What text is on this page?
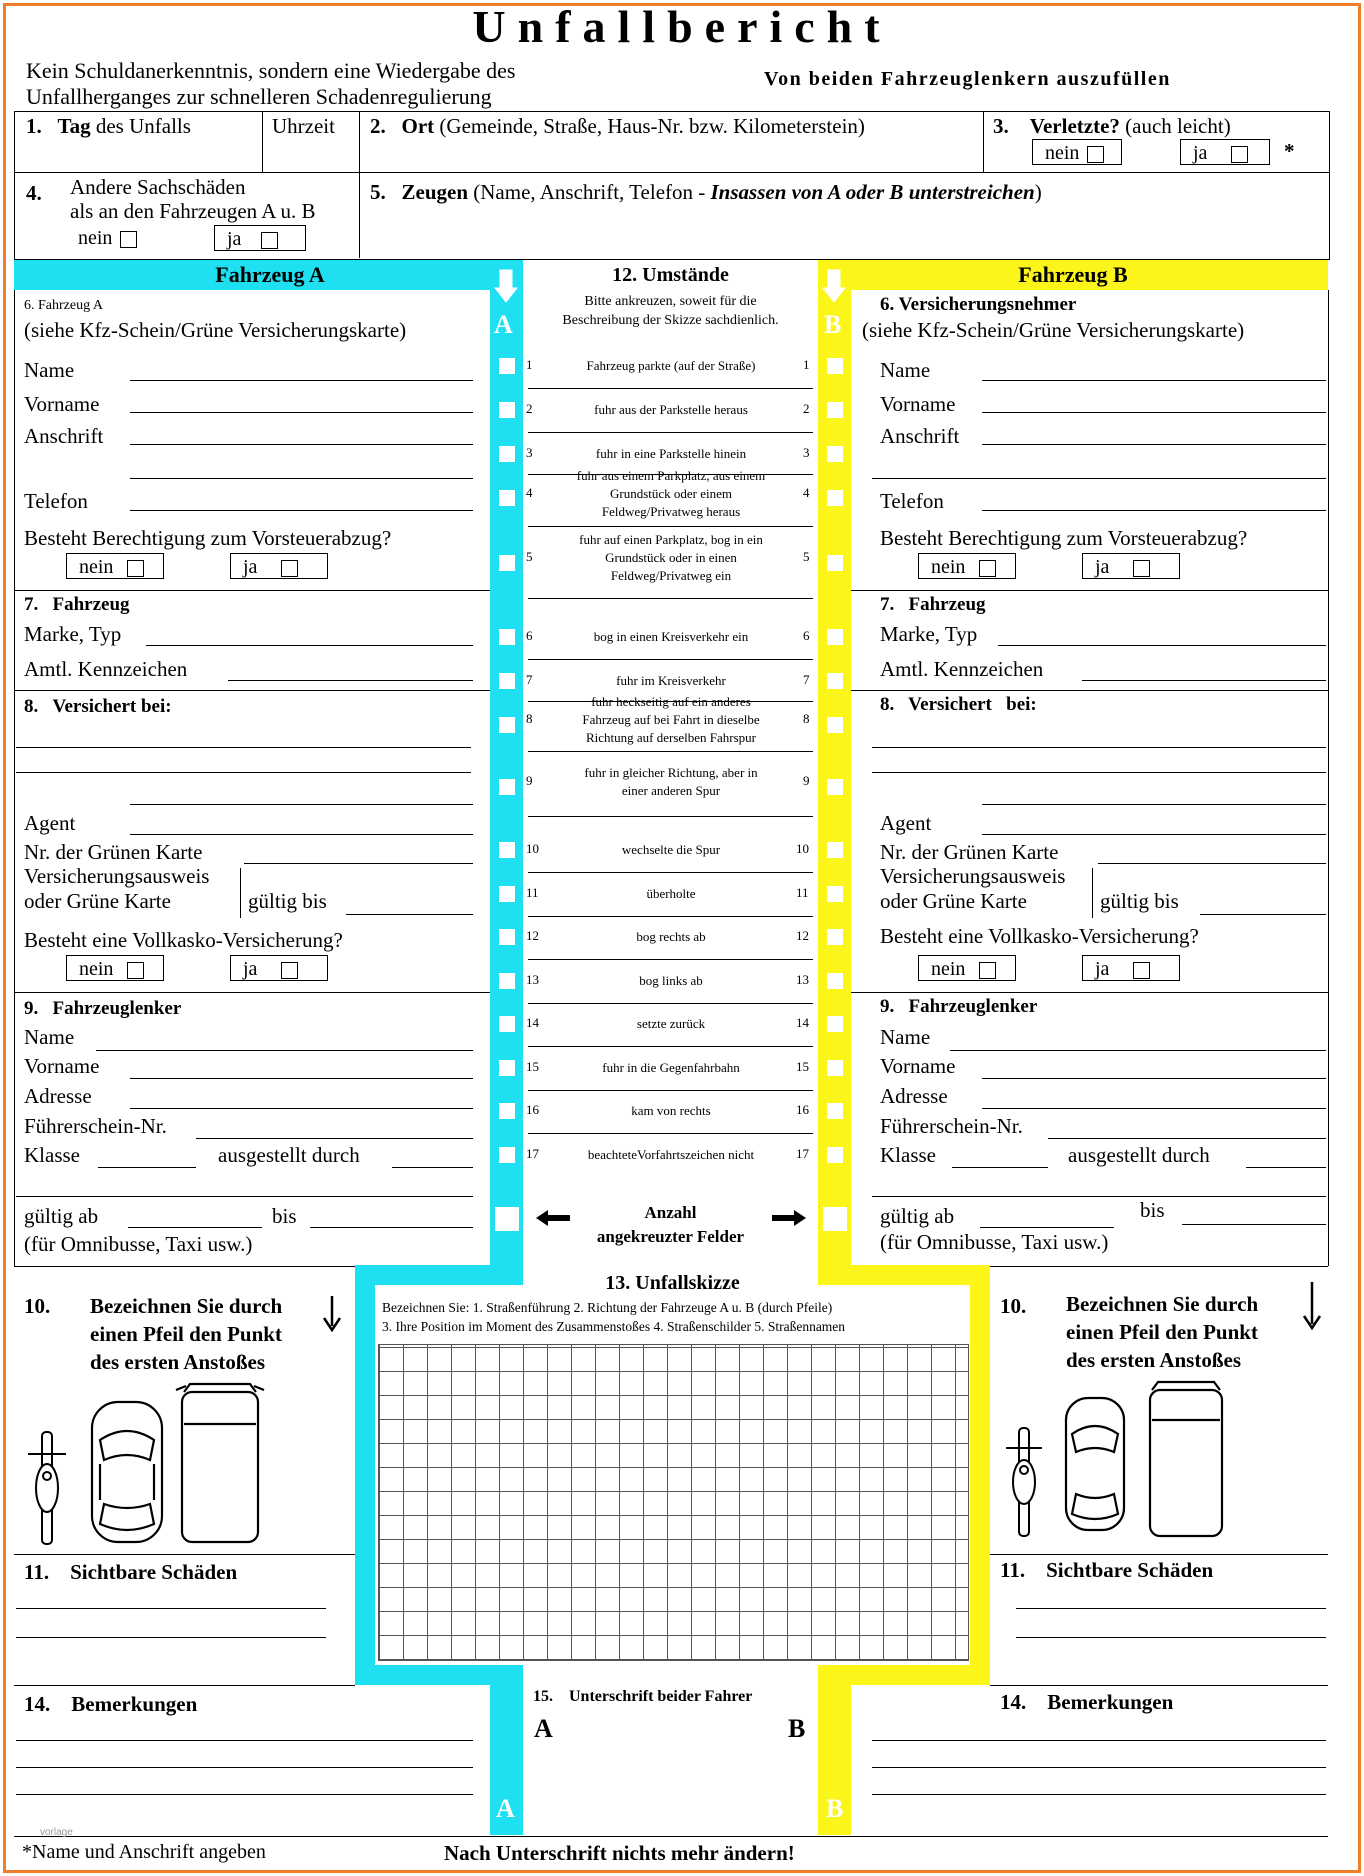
Unfallbericht
Kein Schuldanerkenntnis, sondern eine Wiedergabe des
Unfallherganges zur schnelleren Schadenregulierung
Von beiden Fahrzeuglenkern auszufüllen
1. Tag des Unfalls	Uhrzeit 2. Ort (Gemeinde, Straße, Haus-Nr. bzw. Kilometerstein)	3. Verletzte? (auch leicht)
nein	ja	*
4. Andere Sachschäden
als an den Fahrzeugen A u. B
nein	ja
5. Zeugen (Name, Anschrift, Telefon - Insassen von A oder B unterstreichen)
Fahrzeug A	Fahrzeug B
A	B
A	B
12. Umstände
Bitte ankreuzen, soweit für die
Beschreibung der Skizze sachdienlich.
Fahrzeug parkte (auf der Straße)
1	1
fuhr aus der Parkstelle heraus
2	2
fuhr in eine Parkstelle hinein
3	3
fuhr aus einem Parkplatz, aus einem
Grundstück oder einem
Feldweg/Privatweg heraus
4	4
fuhr auf einen Parkplatz, bog in ein
Grundstück oder in einen
Feldweg/Privatweg ein
5	5
bog in einen Kreisverkehr ein
6	6
fuhr im Kreisverkehr
7	7
fuhr heckseitig auf ein anderes
Fahrzeug auf bei Fahrt in dieselbe
Richtung auf derselben Fahrspur
8	8
fuhr in gleicher Richtung, aber in
einer anderen Spur
9	9
wechselte die Spur
10	10
überholte
11	11
bog rechts ab
12	12
bog links ab
13	13
setzte zurück
14	14
fuhr in die Gegenfahrbahn
15	15
kam von rechts
16	16
beachteteVorfahrtszeichen nicht
17	17
Anzahl
angekreuzter Felder
6. Fahrzeug A
(siehe Kfz-Schein/Grüne Versicherungskarte)
Name
Vorname
Anschrift
Telefon
Besteht Berechtigung zum Vorsteuerabzug?
nein	ja
7. Fahrzeug
Marke, Typ
Amtl. Kennzeichen
8. Versichert bei:
Agent
Nr. der Grünen Karte
Versicherungsausweis
oder Grüne Karte	gültig bis
Besteht eine Vollkasko-Versicherung?
nein	ja
9. Fahrzeuglenker
Name
Vorname
Adresse
Führerschein-Nr.
Klasse	ausgestellt durch
gültig ab	bis
(für Omnibusse, Taxi usw.)
10. Bezeichnen Sie durch
einen Pfeil den Punkt
des ersten Anstoßes
11. Sichtbare Schäden
14. Bemerkungen
6. Versicherungsnehmer
(siehe Kfz-Schein/Grüne Versicherungskarte)
Name
Vorname
Anschrift
Telefon
Besteht Berechtigung zum Vorsteuerabzug?
nein	ja
7. Fahrzeug
Marke, Typ
Amtl. Kennzeichen
8. Versichert   bei:
Agent
Nr. der Grünen Karte
Versicherungsausweis
oder Grüne Karte	gültig bis
Besteht eine Vollkasko-Versicherung?
nein	ja
9. Fahrzeuglenker
Name
Vorname
Adresse
Führerschein-Nr.
Klasse	ausgestellt durch
gültig ab	bis
(für Omnibusse, Taxi usw.)
10. Bezeichnen Sie durch
einen Pfeil den Punkt
des ersten Anstoßes
11. Sichtbare Schäden
14. Bemerkungen
13. Unfallskizze
Bezeichnen Sie: 1. Straßenführung 2. Richtung der Fahrzeuge A u. B (durch Pfeile)
3. Ihre Position im Moment des Zusammenstoßes 4. Straßenschilder 5. Straßennamen
15.    Unterschrift beider Fahrer
A	B
vorlage
*Name und Anschrift angeben	Nach Unterschrift nichts mehr ändern!
